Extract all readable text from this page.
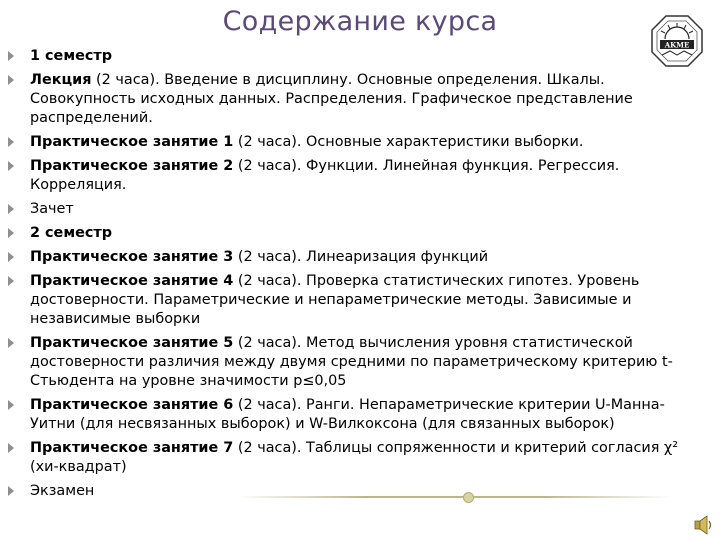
Содержание курса
AKME
1 семестр
Лекция (2 часа). Введение в дисциплину. Основные определения. Шкалы. Совокупность исходных данных. Распределения. Графическое представление распределений.
Практическое занятие 1 (2 часа). Основные характеристики выборки.
Практическое занятие 2 (2 часа). Функции. Линейная функция. Регрессия. Корреляция.
Зачет
2 семестр
Практическое занятие 3 (2 часа). Линеаризация функций
Практическое занятие 4 (2 часа). Проверка статистических гипотез. Уровень достоверности. Параметрические и непараметрические методы. Зависимые и независимые выборки
Практическое занятие 5 (2 часа). Метод вычисления уровня статистической достоверности различия между двумя средними по параметрическому критерию t-Стьюдента на уровне значимости p≤0,05
Практическое занятие 6 (2 часа). Ранги. Непараметрические критерии U-Манна-Уитни (для несвязанных выборок) и W-Вилкоксона (для связанных выборок)
Практическое занятие 7 (2 часа). Таблицы сопряженности и критерий согласия χ² (хи-квадрат)
Экзамен
